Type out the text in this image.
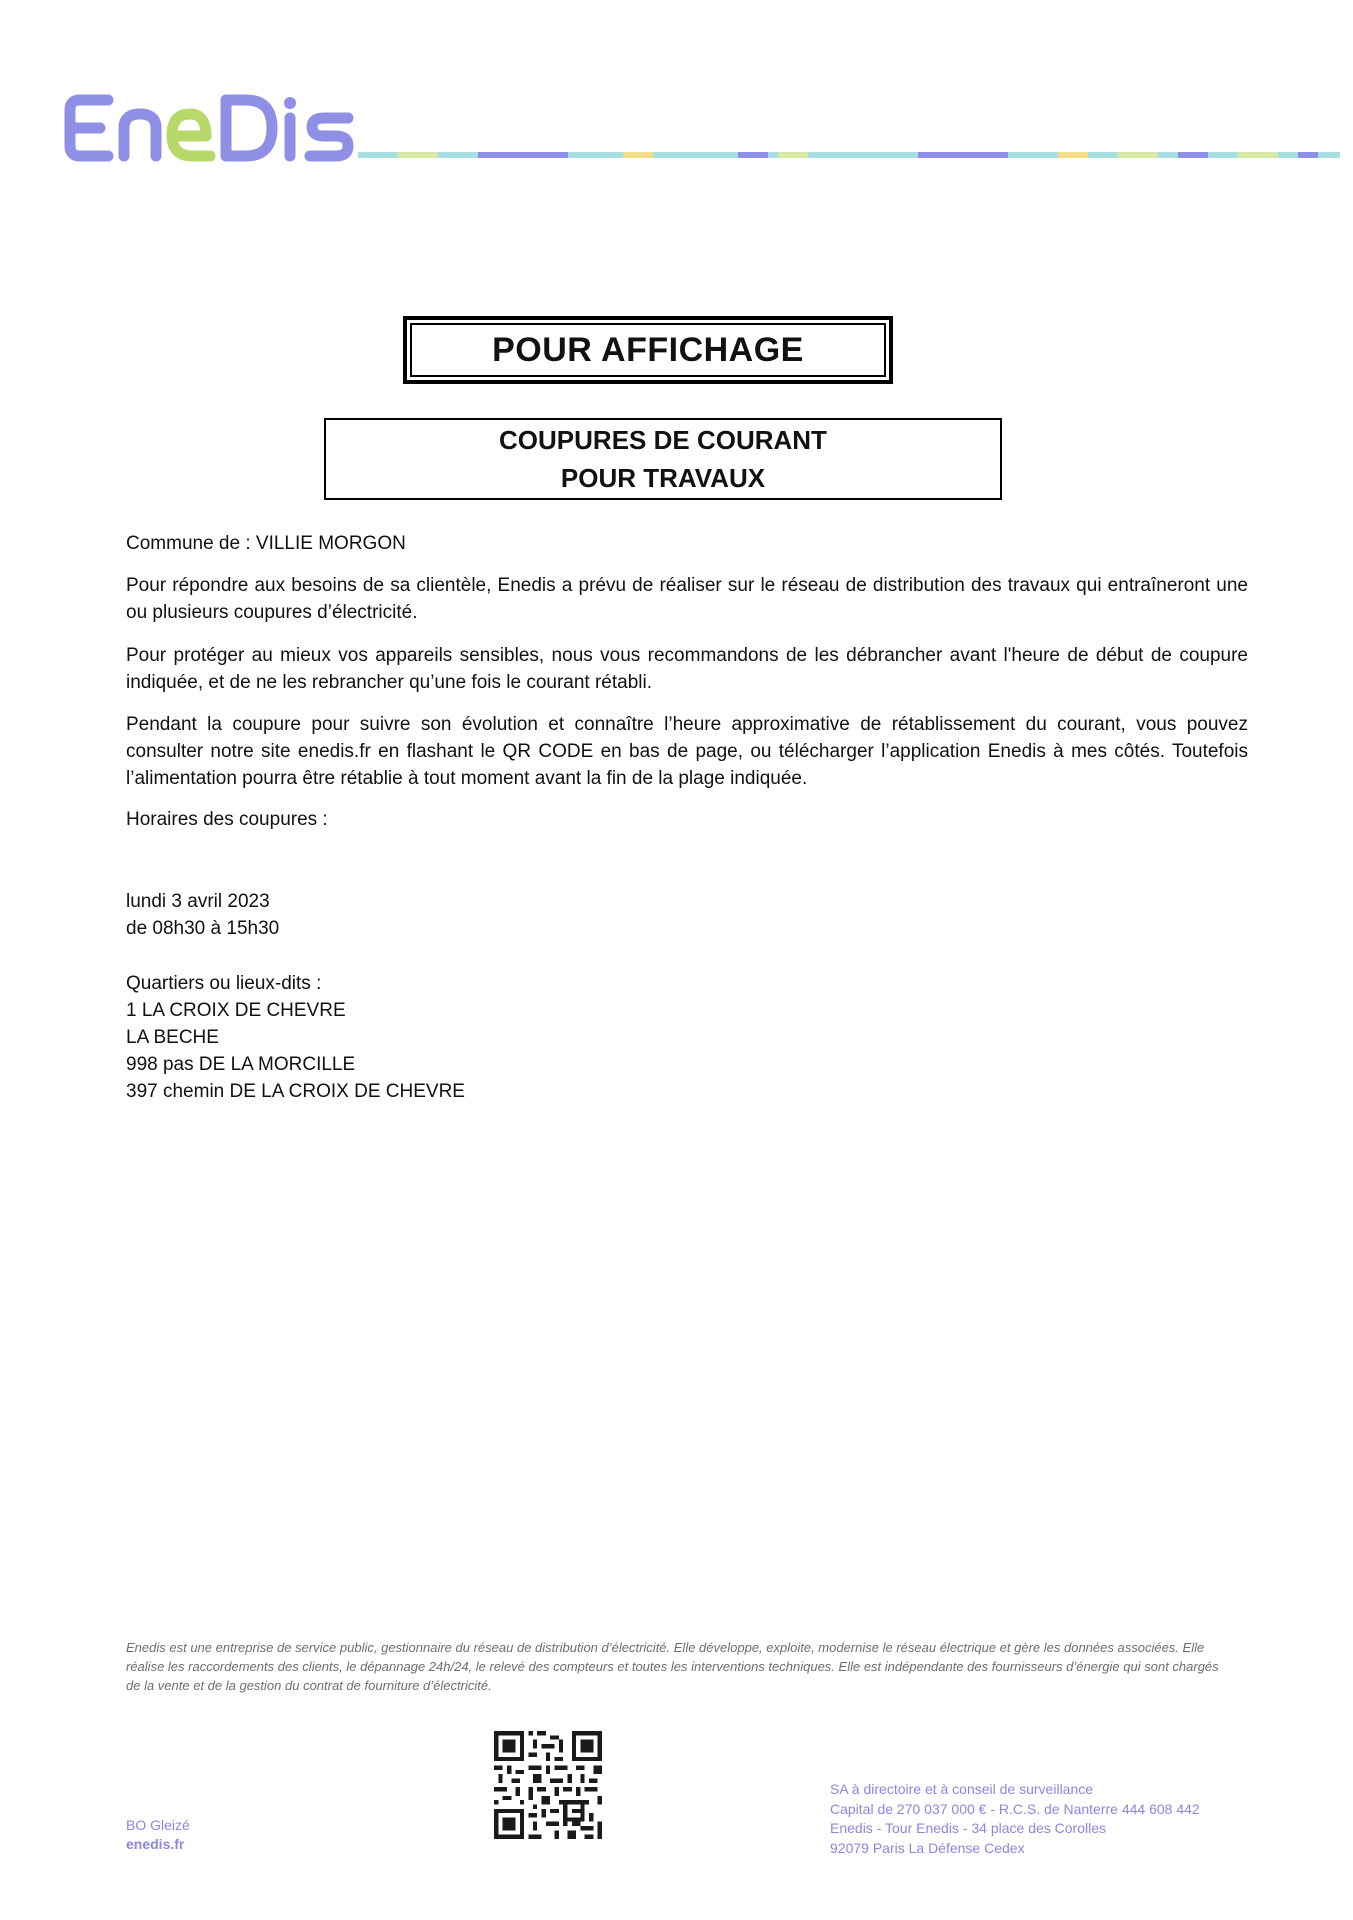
POUR AFFICHAGE
COUPURES DE COURANT
POUR TRAVAUX

Commune de : VILLIE MORGON

Pour répondre aux besoins de sa clientèle, Enedis a prévu de réaliser sur le réseau de distribution des travaux qui entraîneront une ou plusieurs coupures d’électricité.

Pour protéger au mieux vos appareils sensibles, nous vous recommandons de les débrancher avant l'heure de début de coupure indiquée, et de ne les rebrancher qu’une fois le courant rétabli.

Pendant la coupure pour suivre son évolution et connaître l’heure approximative de rétablissement du courant, vous pouvez consulter notre site enedis.fr en flashant le QR CODE en bas de page, ou télécharger l’application Enedis à mes côtés. Toutefois l’alimentation pourra être rétablie à tout moment avant la fin de la plage indiquée.

Horaires des coupures :

lundi 3 avril 2023
de 08h30 à 15h30
Quartiers ou lieux-dits :
1 LA CROIX DE CHEVRE
LA BECHE
998 pas DE LA MORCILLE
397 chemin DE LA CROIX DE CHEVRE
Enedis est une entreprise de service public, gestionnaire du réseau de distribution d’électricité. Elle développe, exploite, modernise le réseau électrique et gère les données associées. Elle réalise les raccordements des clients, le dépannage 24h/24, le relevé des compteurs et toutes les interventions techniques. Elle est indépendante des fournisseurs d’énergie qui sont chargés de la vente et de la gestion du contrat de fourniture d’électricité.
BO Gleizé
enedis.fr
SA à directoire et à conseil de surveillance
Capital de 270 037 000 € - R.C.S. de Nanterre 444 608 442
Enedis - Tour Enedis - 34 place des Corolles
92079 Paris La Défense Cedex
